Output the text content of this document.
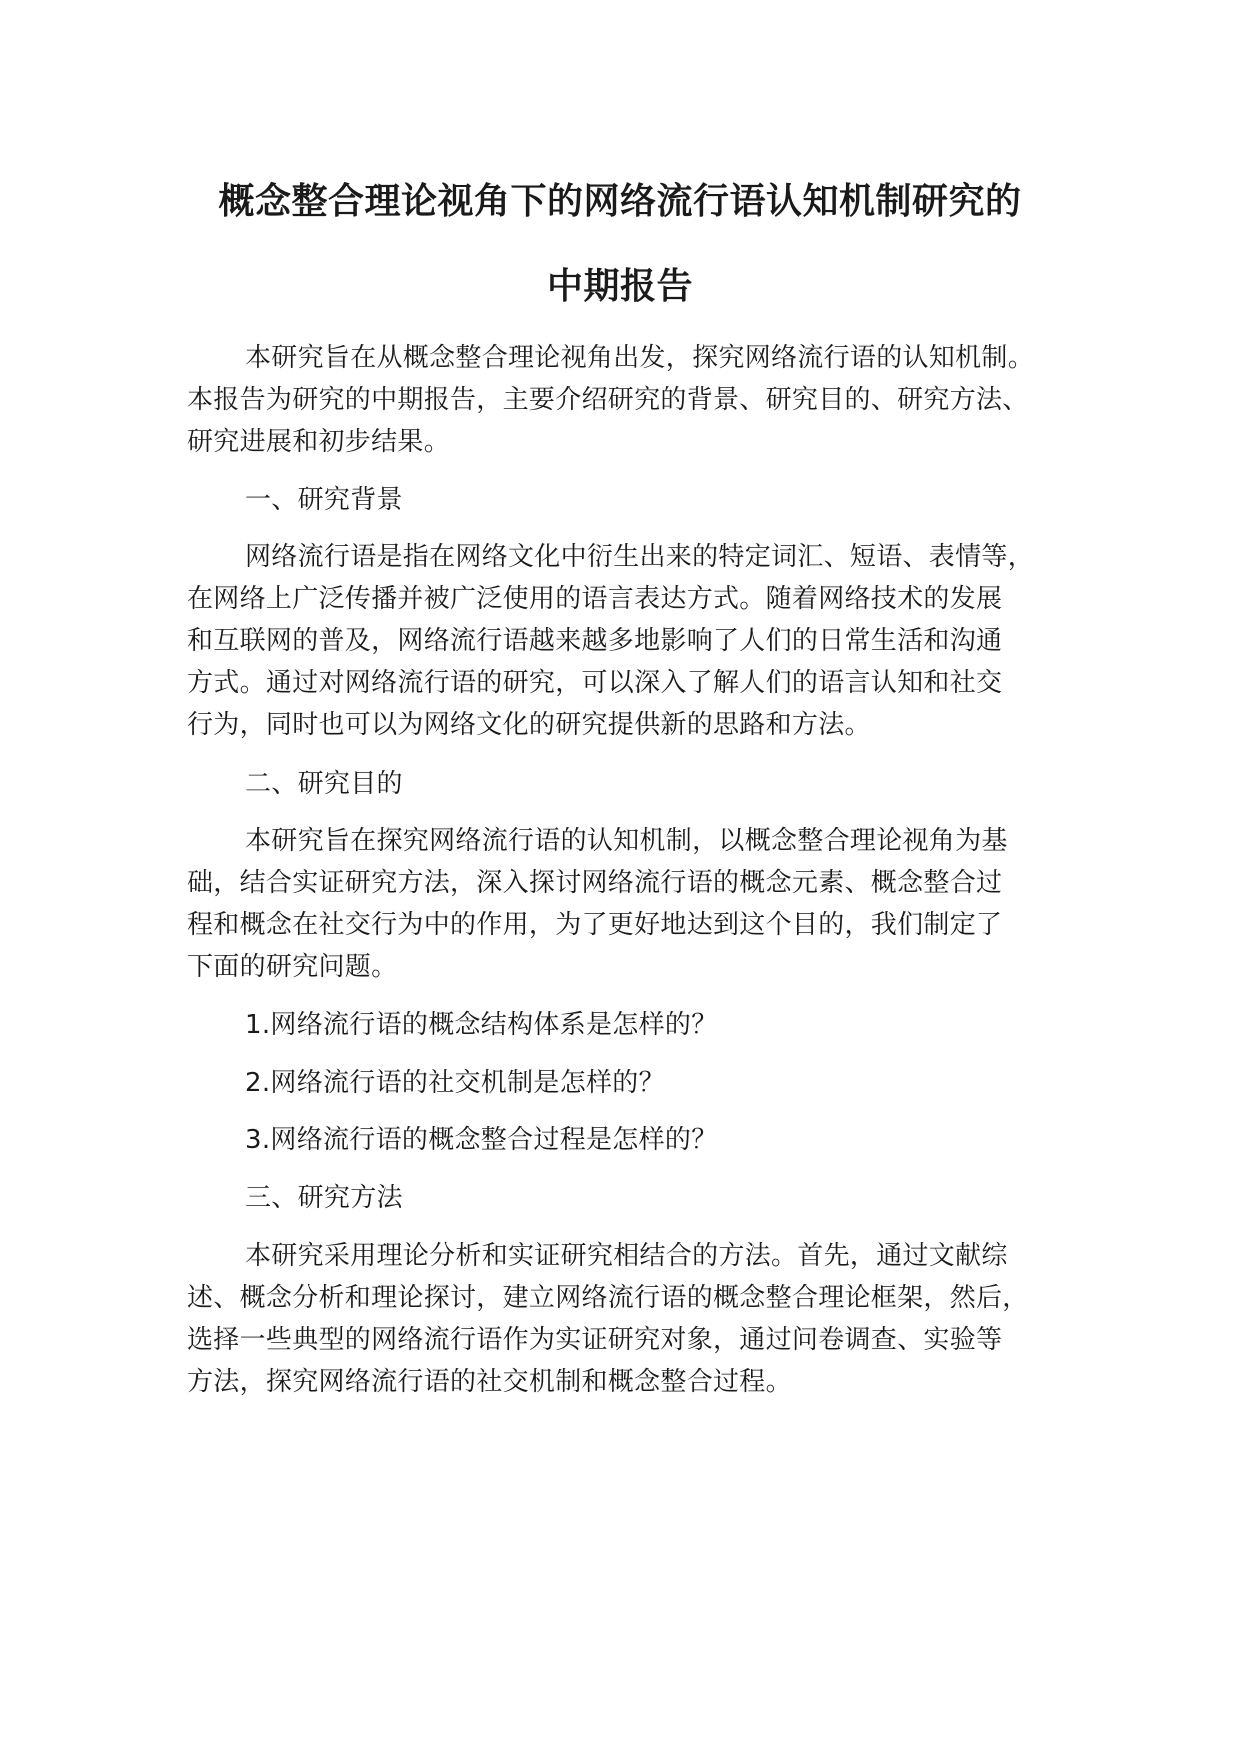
概念整合理论视角下的网络流行语认知机制研究的
中期报告
本研究旨在从概念整合理论视角出发，探究网络流行语的认知机制。
本报告为研究的中期报告，主要介绍研究的背景、研究目的、研究方法、
研究进展和初步结果。
一、研究背景
网络流行语是指在网络文化中衍生出来的特定词汇、短语、表情等，
在网络上广泛传播并被广泛使用的语言表达方式。随着网络技术的发展
和互联网的普及，网络流行语越来越多地影响了人们的日常生活和沟通
方式。通过对网络流行语的研究，可以深入了解人们的语言认知和社交
行为，同时也可以为网络文化的研究提供新的思路和方法。
二、研究目的
本研究旨在探究网络流行语的认知机制，以概念整合理论视角为基
础，结合实证研究方法，深入探讨网络流行语的概念元素、概念整合过
程和概念在社交行为中的作用，为了更好地达到这个目的，我们制定了
下面的研究问题。
1.网络流行语的概念结构体系是怎样的？
2.网络流行语的社交机制是怎样的？
3.网络流行语的概念整合过程是怎样的？
三、研究方法
本研究采用理论分析和实证研究相结合的方法。首先，通过文献综
述、概念分析和理论探讨，建立网络流行语的概念整合理论框架，然后，
选择一些典型的网络流行语作为实证研究对象，通过问卷调查、实验等
方法，探究网络流行语的社交机制和概念整合过程。
